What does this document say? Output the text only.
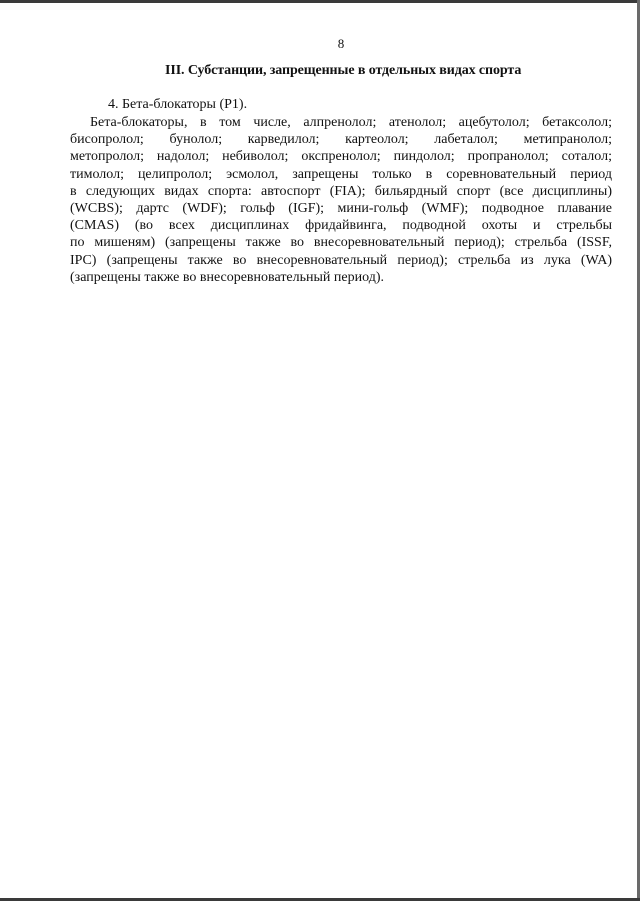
8
III. Субстанции, запрещенные в отдельных видах спорта
4. Бета-блокаторы (P1).
Бета-блокаторы, в том числе, алпренолол; атенолол; ацебутолол; бетаксолол;
бисопролол; бунолол; карведилол; картеолол; лабеталол; метипранолол;
метопролол; надолол; небиволол; окспренолол; пиндолол; пропранолол; соталол;
тимолол; целипролол; эсмолол, запрещены только в соревновательный период
в следующих видах спорта: автоспорт (FIA); бильярдный спорт (все дисциплины)
(WCBS); дартс (WDF); гольф (IGF); мини-гольф (WMF); подводное плавание
(CMAS) (во всех дисциплинах фридайвинга, подводной охоты и стрельбы
по мишеням) (запрещены также во внесоревновательный период); стрельба (ISSF,
IPC) (запрещены также во внесоревновательный период); стрельба из лука (WA)
(запрещены также во внесоревновательный период).
